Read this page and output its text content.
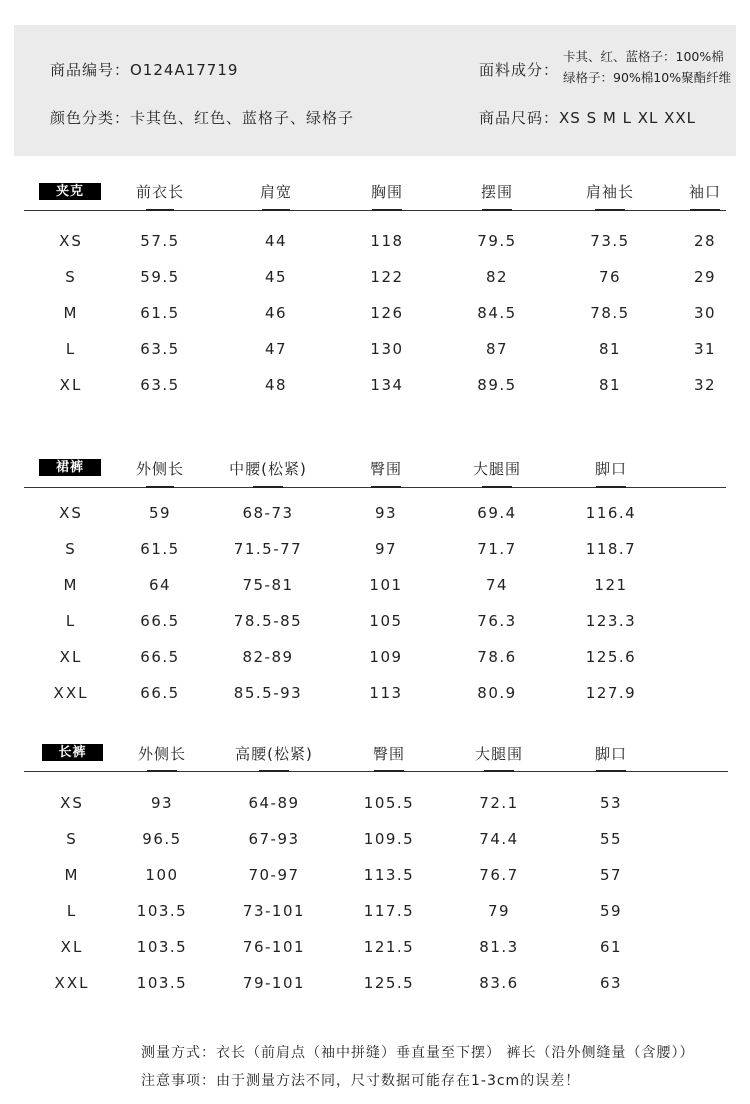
商品编号：O124A17719
颜色分类：卡其色、红色、蓝格子、绿格子
面料成分：
卡其、红、蓝格子：100%棉
绿格子：90%棉10%聚酯纤维
商品尺码：XS S M L XL XXL
夹克	前衣长	肩宽	胸围	摆围	肩袖长	袖口
XS	57.5	44	118	79.5	73.5	28
S	59.5	45	122	82	76	29
M	61.5	46	126	84.5	78.5	30
L	63.5	47	130	87	81	31
XL	63.5	48	134	89.5	81	32
裙裤	外侧长	中腰(松紧)	臀围	大腿围	脚口
XS	59	68-73	93	69.4	116.4
S	61.5	71.5-77	97	71.7	118.7
M	64	75-81	101	74	121
L	66.5	78.5-85	105	76.3	123.3
XL	66.5	82-89	109	78.6	125.6
XXL	66.5	85.5-93	113	80.9	127.9
长裤	外侧长	高腰(松紧)	臀围	大腿围	脚口
XS	93	64-89	105.5	72.1	53
S	96.5	67-93	109.5	74.4	55
M	100	70-97	113.5	76.7	57
L	103.5	73-101	117.5	79	59
XL	103.5	76-101	121.5	81.3	61
XXL	103.5	79-101	125.5	83.6	63
测量方式：衣长（前肩点（袖中拼缝）垂直量至下摆） 裤长（沿外侧缝量（含腰））
注意事项：由于测量方法不同，尺寸数据可能存在1-3cm的误差！
